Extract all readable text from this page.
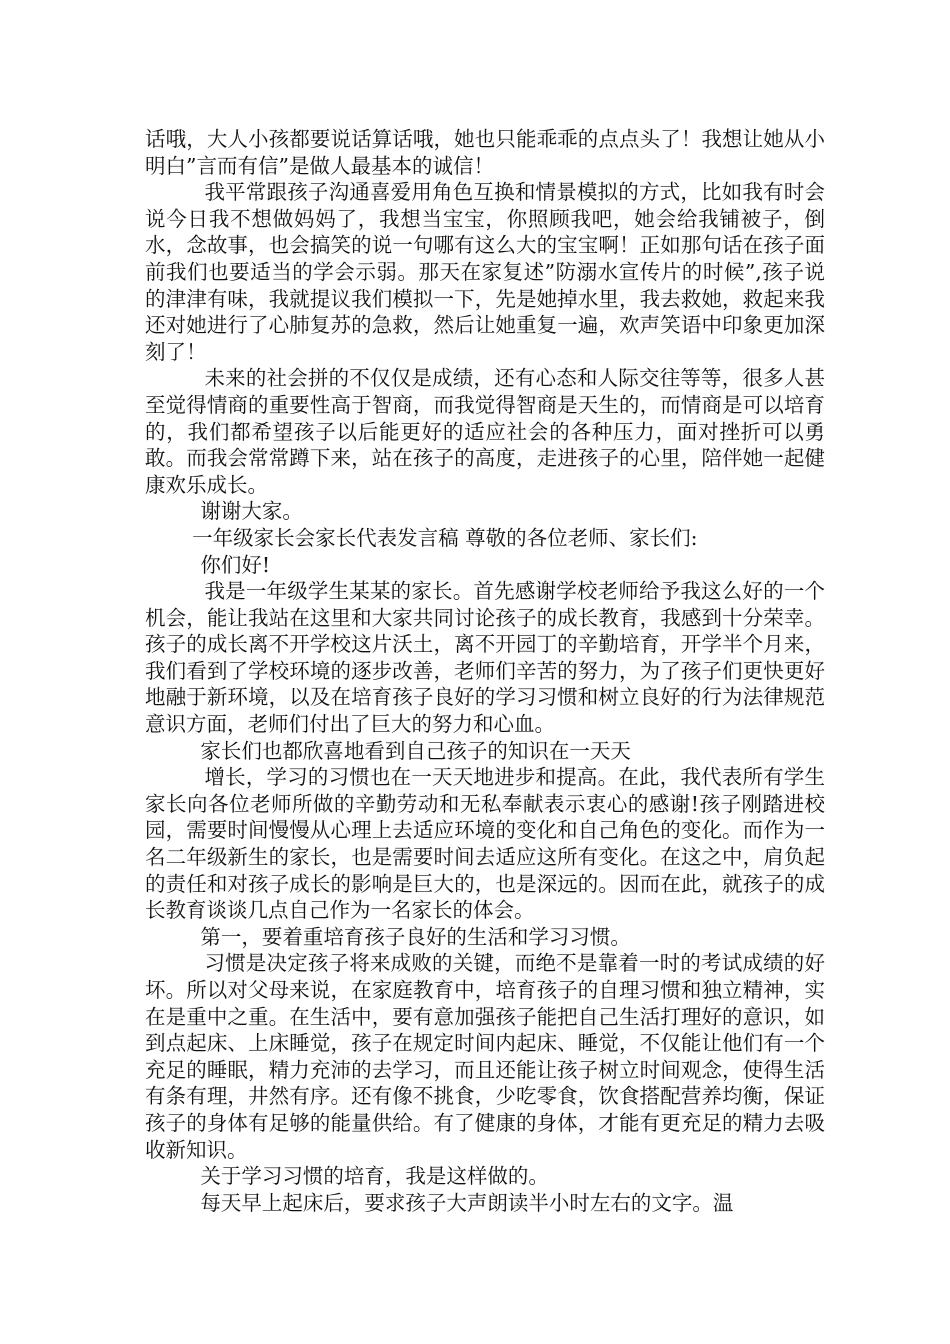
话哦，大人小孩都要说话算话哦，她也只能乖乖的点点头了！我想让她从小明白”言而有信”是做人最基本的诚信！

我平常跟孩子沟通喜爱用角色互换和情景模拟的方式，比如我有时会说今日我不想做妈妈了，我想当宝宝，你照顾我吧，她会给我铺被子，倒水，念故事，也会搞笑的说一句哪有这么大的宝宝啊！正如那句话在孩子面前我们也要适当的学会示弱。那天在家复述”防溺水宣传片的时候”,孩子说的津津有味，我就提议我们模拟一下，先是她掉水里，我去救她，救起来我还对她进行了心肺复苏的急救，然后让她重复一遍，欢声笑语中印象更加深刻了！

未来的社会拼的不仅仅是成绩，还有心态和人际交往等等，很多人甚至觉得情商的重要性高于智商，而我觉得智商是天生的，而情商是可以培育的，我们都希望孩子以后能更好的适应社会的各种压力，面对挫折可以勇敢。而我会常常蹲下来，站在孩子的高度，走进孩子的心里，陪伴她一起健康欢乐成长。

谢谢大家。

一年级家长会家长代表发言稿 尊敬的各位老师、家长们:

你们好!

我是一年级学生某某的家长。首先感谢学校老师给予我这么好的一个机会，能让我站在这里和大家共同讨论孩子的成长教育，我感到十分荣幸。孩子的成长离不开学校这片沃土，离不开园丁的辛勤培育，开学半个月来，我们看到了学校环境的逐步改善，老师们辛苦的努力，为了孩子们更快更好地融于新环境，以及在培育孩子良好的学习习惯和树立良好的行为法律规范意识方面，老师们付出了巨大的努力和心血。

家长们也都欣喜地看到自己孩子的知识在一天天

增长，学习的习惯也在一天天地进步和提高。在此，我代表所有学生家长向各位老师所做的辛勤劳动和无私奉献表示衷心的感谢!孩子刚踏进校园，需要时间慢慢从心理上去适应环境的变化和自己角色的变化。而作为一名二年级新生的家长，也是需要时间去适应这所有变化。在这之中，肩负起的责任和对孩子成长的影响是巨大的，也是深远的。因而在此，就孩子的成长教育谈谈几点自己作为一名家长的体会。

第一，要着重培育孩子良好的生活和学习习惯。

习惯是决定孩子将来成败的关键，而绝不是靠着一时的考试成绩的好坏。所以对父母来说，在家庭教育中，培育孩子的自理习惯和独立精神，实在是重中之重。在生活中，要有意加强孩子能把自己生活打理好的意识，如到点起床、上床睡觉，孩子在规定时间内起床、睡觉，不仅能让他们有一个充足的睡眠，精力充沛的去学习，而且还能让孩子树立时间观念，使得生活有条有理，井然有序。还有像不挑食，少吃零食，饮食搭配营养均衡，保证孩子的身体有足够的能量供给。有了健康的身体，才能有更充足的精力去吸收新知识。

关于学习习惯的培育，我是这样做的。

每天早上起床后，要求孩子大声朗读半小时左右的文字。温
